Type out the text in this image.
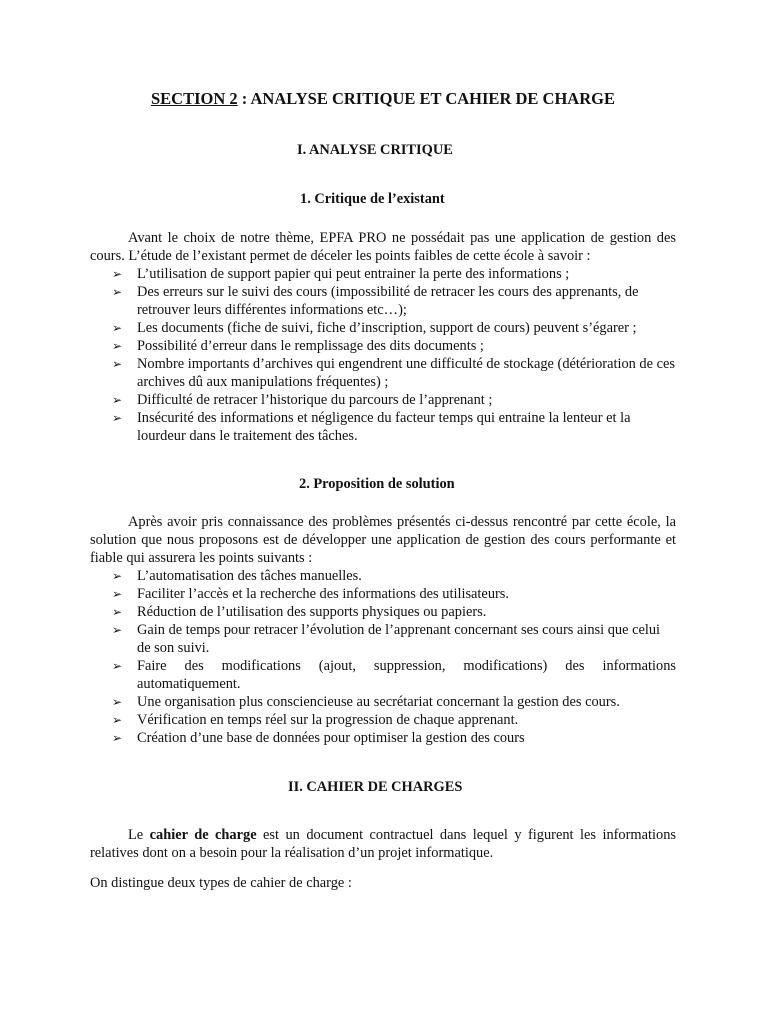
SECTION 2 : ANALYSE CRITIQUE ET CAHIER DE CHARGE
I. ANALYSE CRITIQUE
1. Critique de l’existant

Avant le choix de notre thème, EPFA PRO ne possédait pas une application de gestion des cours. L’étude de l’existant permet de déceler les points faibles de cette école à savoir :

➢ L’utilisation de support papier qui peut entrainer la perte des informations ;
➢ Des erreurs sur le suivi des cours (impossibilité de retracer les cours des apprenants, de retrouver leurs différentes informations etc…);
➢ Les documents (fiche de suivi, fiche d’inscription, support de cours) peuvent s’égarer ;
➢ Possibilité d’erreur dans le remplissage des dits documents ;
➢ Nombre importants d’archives qui engendrent une difficulté de stockage (détérioration de ces archives dû aux manipulations fréquentes) ;
➢ Difficulté de retracer l’historique du parcours de l’apprenant ;
➢ Insécurité des informations et négligence du facteur temps qui entraine la lenteur et la lourdeur dans le traitement des tâches.
2. Proposition de solution

Après avoir pris connaissance des problèmes présentés ci-dessus rencontré par cette école, la solution que nous proposons est de développer une application de gestion des cours performante et fiable qui assurera les points suivants :

➢ L’automatisation des tâches manuelles.
➢ Faciliter l’accès et la recherche des informations des utilisateurs.
➢ Réduction de l’utilisation des supports physiques ou papiers.
➢ Gain de temps pour retracer l’évolution de l’apprenant concernant ses cours ainsi que celui de son suivi.
➢ Faire des modifications (ajout, suppression, modifications) des informations automatiquement.
➢ Une organisation plus consciencieuse au secrétariat concernant la gestion des cours.
➢ Vérification en temps réel sur la progression de chaque apprenant.
➢ Création d’une base de données pour optimiser la gestion des cours
II. CAHIER DE CHARGES

Le cahier de charge est un document contractuel dans lequel y figurent les informations relatives dont on a besoin pour la réalisation d’un projet informatique.

On distingue deux types de cahier de charge :
